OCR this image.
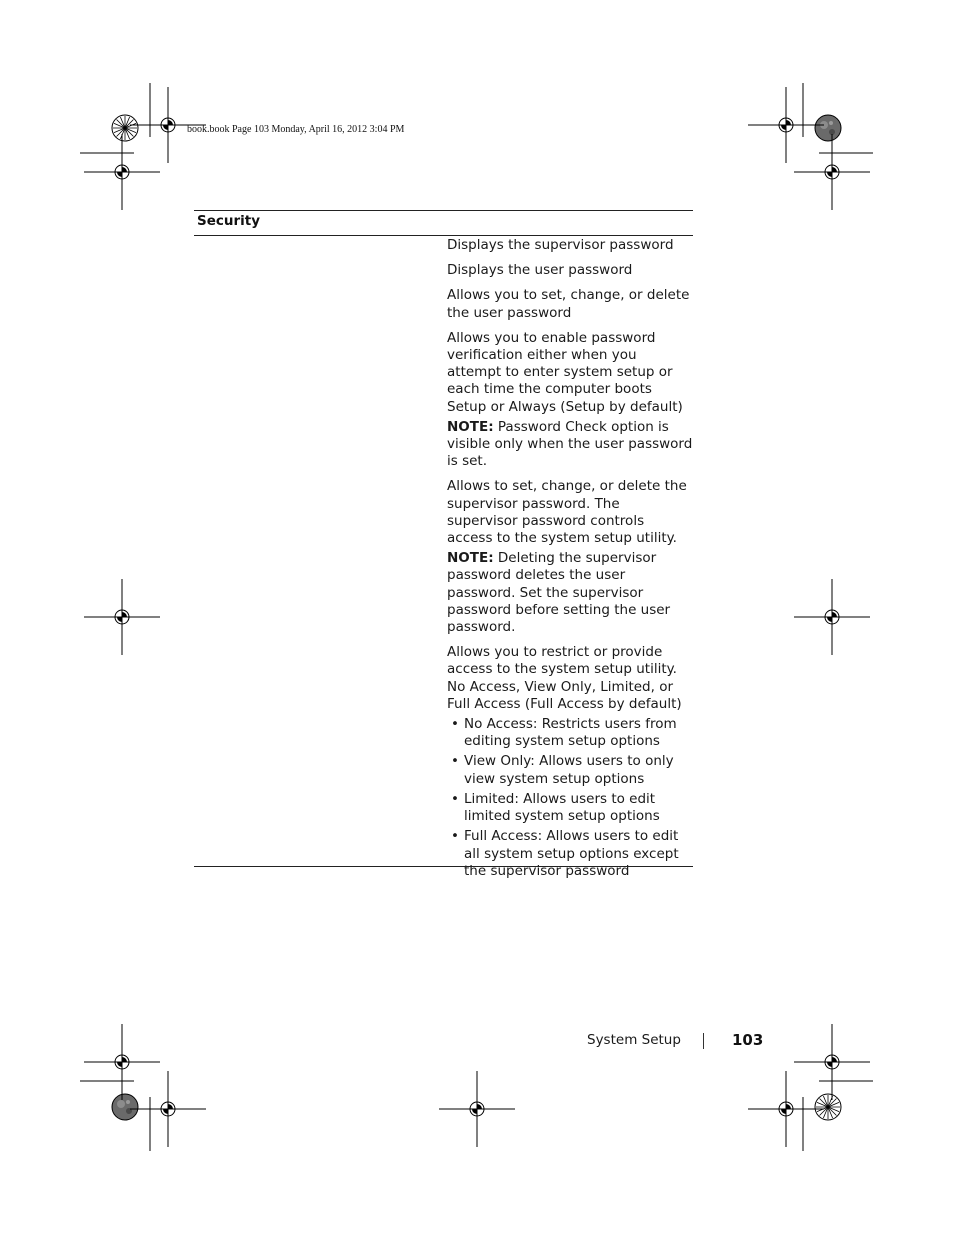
book.book Page 103 Monday, April 16, 2012 3:04 PM
Security

Displays the supervisor password

Displays the user password

Allows you to set, change, or delete the user password

Allows you to enable password verification either when you attempt to enter system setup or each time the computer boots

Setup or Always (Setup by default)

NOTE: Password Check option is visible only when the user password is set.

Allows to set, change, or delete the supervisor password. The supervisor password controls access to the system setup utility.

NOTE: Deleting the supervisor password deletes the user password. Set the supervisor password before setting the user password.

Allows you to restrict or provide access to the system setup utility.

No Access, View Only, Limited, or Full Access (Full Access by default)

• No Access: Restricts users from editing system setup options
• View Only: Allows users to only view system setup options
• Limited: Allows users to edit limited system setup options
• Full Access: Allows users to edit all system setup options except the supervisor password
System Setup	103
